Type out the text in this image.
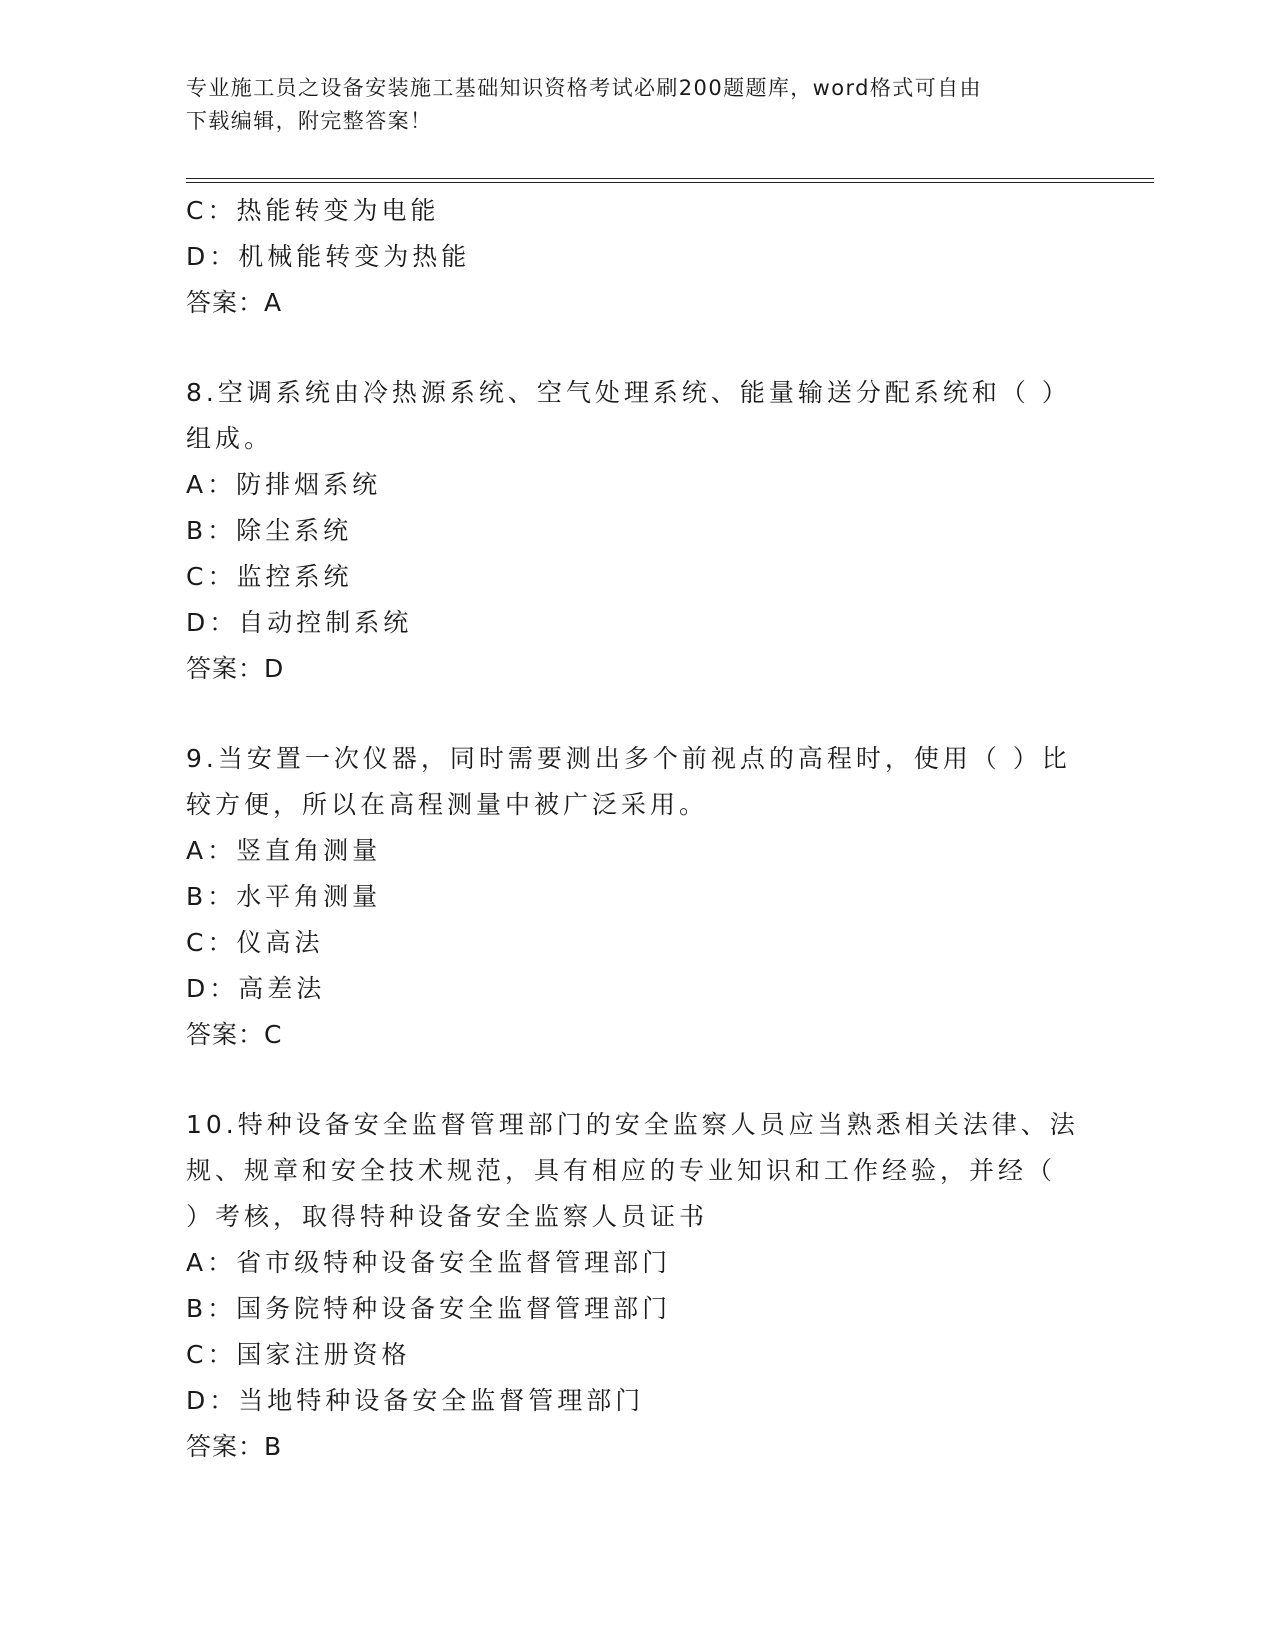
专业施工员之设备安装施工基础知识资格考试必刷200题题库，word格式可自由
下载编辑，附完整答案！
C：热能转变为电能
D：机械能转变为热能
答案：A
8.空调系统由冷热源系统、空气处理系统、能量输送分配系统和（ ）
组成。
A：防排烟系统
B：除尘系统
C：监控系统
D：自动控制系统
答案：D
9.当安置一次仪器，同时需要测出多个前视点的高程时，使用（ ）比
较方便，所以在高程测量中被广泛采用。
A：竖直角测量
B：水平角测量
C：仪高法
D：高差法
答案：C
10.特种设备安全监督管理部门的安全监察人员应当熟悉相关法律、法
规、规章和安全技术规范，具有相应的专业知识和工作经验，并经（
）考核，取得特种设备安全监察人员证书
A：省市级特种设备安全监督管理部门
B：国务院特种设备安全监督管理部门
C：国家注册资格
D：当地特种设备安全监督管理部门
答案：B
